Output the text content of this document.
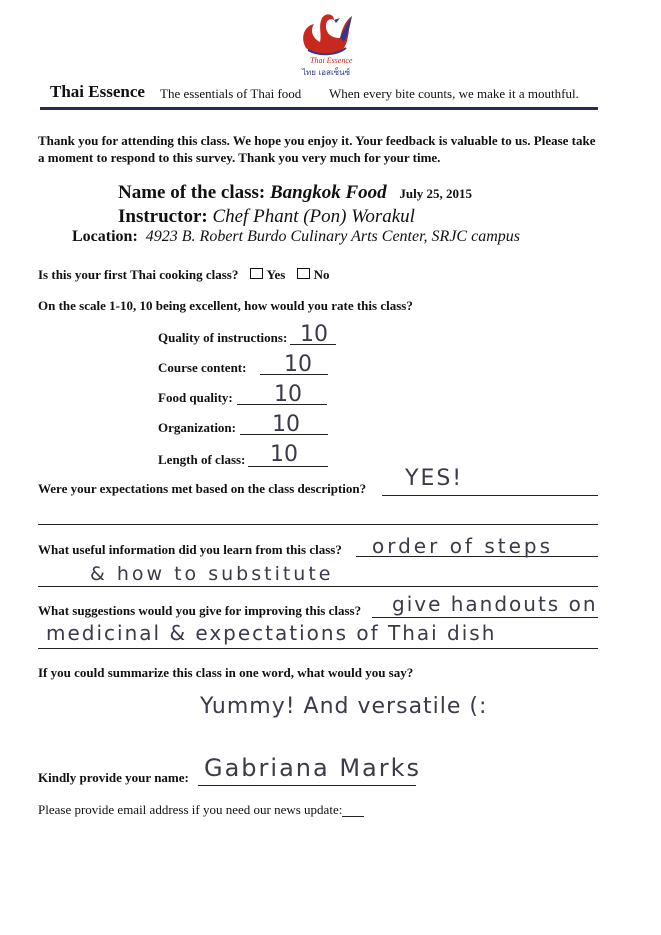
Thai Essence
ไทย เอสเซ็นซ์
Thai Essence The essentials of Thai food When every bite counts, we make it a mouthful.
Thank you for attending this class. We hope you enjoy it. Your feedback is valuable to us. Please take a moment to respond to this survey. Thank you very much for your time.
Name of the class: Bangkok Food July 25, 2015
Instructor: Chef Phant (Pon) Worakul
Location: 4923 B. Robert Burdo Culinary Arts Center, SRJC campus
Is this your first Thai cooking class? Yes No
On the scale 1-10, 10 being excellent, how would you rate this class?
Quality of instructions: 10
Course content: 10
Food quality: 10
Organization: 10
Length of class: 10
Were your expectations met based on the class description? YES!
What useful information did you learn from this class? order of steps
& how to substitute
What suggestions would you give for improving this class? give handouts on
medicinal & expectations of Thai dish
If you could summarize this class in one word, what would you say?
Yummy! And versatile (:
Kindly provide your name: Gabriana Marks
Please provide email address if you need our news update:
